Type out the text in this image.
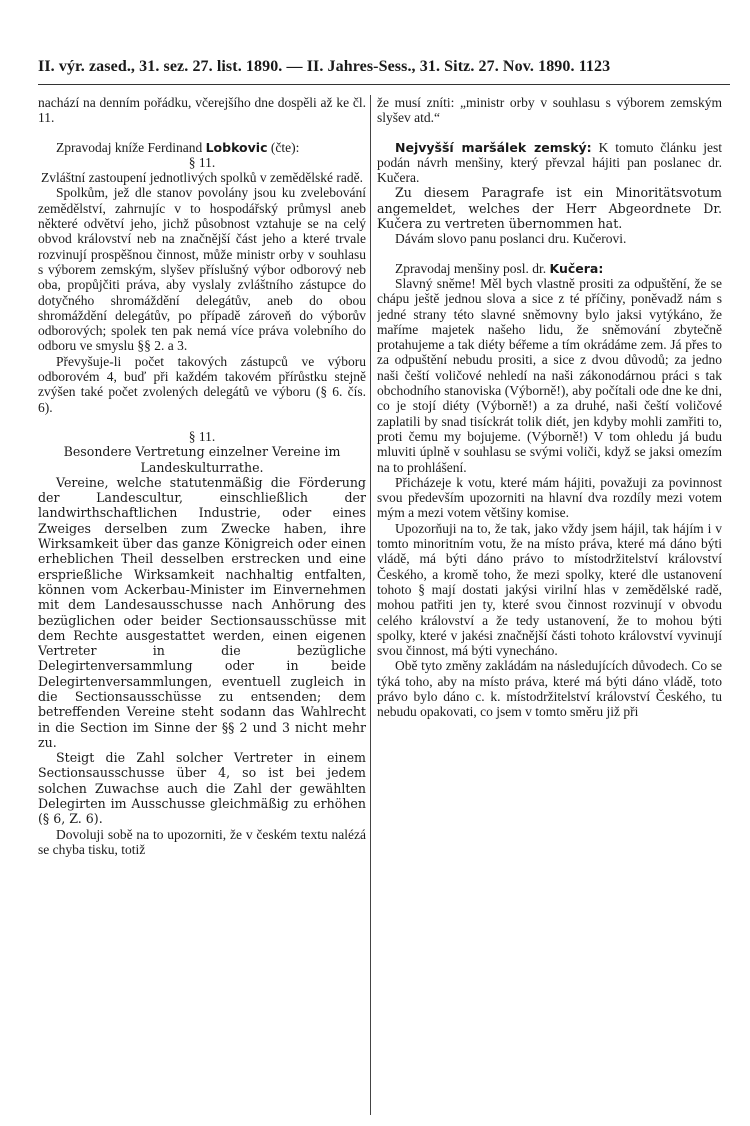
II. výr. zased., 31. sez. 27. list. 1890. — II. Jahres-Sess., 31. Sitz. 27. Nov. 1890. 1123

nachází na denním pořádku, včerejšího dne dospěli až ke čl. 11.

Zpravodaj kníže Ferdinand Lobkovic (čte):

§ 11.

Zvláštní zastoupení jednotlivých spolků v zemědělské radě.

Spolkům, jež dle stanov povolány jsou ku zvelebování zemědělství, zahrnujíc v to hospodářský průmysl aneb některé odvětví jeho, jichž působnost vztahuje se na celý obvod království neb na značnější část jeho a které trvale rozvinují prospěšnou činnost, může ministr orby v souhlasu s výborem zemským, slyšev příslušný výbor odborový neb oba, propůjčiti práva, aby vyslaly zvláštního zástupce do dotyčného shromáždění delegátův, aneb do obou shromáždění delegátův, po případě zároveň do výborův odborových; spolek ten pak nemá více práva volebního do odboru ve smyslu §§ 2. a 3.

Převyšuje-li počet takových zástupců ve výboru odborovém 4, buď při každém takovém přírůstku stejně zvýšen také počet zvolených delegátů ve výboru (§ 6. čís. 6).

§ 11.

Besondere Vertretung einzelner Vereine im Landeskulturrathe.

Vereine, welche statutenmäßig die Förderung der Landescultur, einschließlich der landwirthschaftlichen Industrie, oder eines Zweiges derselben zum Zwecke haben, ihre Wirksamkeit über das ganze Königreich oder einen erheblichen Theil desselben erstrecken und eine ersprießliche Wirksamkeit nachhaltig entfalten, können vom Ackerbau-Minister im Einvernehmen mit dem Landesausschusse nach Anhörung des bezüglichen oder beider Sectionsausschüsse mit dem Rechte ausgestattet werden, einen eigenen Vertreter in die bezügliche Delegirtenversammlung oder in beide Delegirtenversammlungen, eventuell zugleich in die Sectionsausschüsse zu entsenden; dem betreffenden Vereine steht sodann das Wahlrecht in die Section im Sinne der §§ 2 und 3 nicht mehr zu.

Steigt die Zahl solcher Vertreter in einem Sectionsausschusse über 4, so ist bei jedem solchen Zuwachse auch die Zahl der gewählten Delegirten im Ausschusse gleichmäßig zu erhöhen (§ 6, Z. 6).

Dovoluji sobě na to upozorniti, že v českém textu nalézá se chyba tisku, totiž

že musí zníti: „ministr orby v souhlasu s výborem zemským slyšev atd.“

Nejvyšší maršálek zemský: K tomuto článku jest podán návrh menšiny, který převzal hájiti pan poslanec dr. Kučera.

Zu diesem Paragrafe ist ein Minoritätsvotum angemeldet, welches der Herr Abgeordnete Dr. Kučera zu vertreten übernommen hat.

Dávám slovo panu poslanci dru. Kučerovi.

Zpravodaj menšiny posl. dr. Kučera:

Slavný sněme! Měl bych vlastně prositi za odpuštění, že se chápu ještě jednou slova a sice z té příčiny, poněvadž nám s jedné strany této slavné sněmovny bylo jaksi vytýkáno, že maříme majetek našeho lidu, že sněmování zbytečně protahujeme a tak diéty béřeme a tím okrádáme zem. Já přes to za odpuštění nebudu prositi, a sice z dvou důvodů; za jedno naši čeští voličové nehledí na naši zákonodárnou práci s tak obchodního stanoviska (Výborně!), aby počítali ode dne ke dni, co je stojí diéty (Výborně!) a za druhé, naši čeští voličové zaplatili by snad tisíckrát tolik diét, jen kdyby mohli zamřiti to, proti čemu my bojujeme. (Výborně!) V tom ohledu já budu mluviti úplně v souhlasu se svými voliči, když se jaksi omezím na to prohlášení.

Přicházeje k votu, které mám hájiti, považuji za povinnost svou především upozorniti na hlavní dva rozdíly mezi votem mým a mezi votem většiny komise.

Upozorňuji na to, že tak, jako vždy jsem hájil, tak hájím i v tomto minoritním votu, že na místo práva, které má dáno býti vládě, má býti dáno právo to místodržitelství království Českého, a kromě toho, že mezi spolky, které dle ustanovení tohoto § mají dostati jakýsi virilní hlas v zemědělské radě, mohou patřiti jen ty, které svou činnost rozvinují v obvodu celého království a že tedy ustanovení, že to mohou býti spolky, které v jakési značnější části tohoto království vyvinují svou činnost, má býti vynecháno.

Obě tyto změny zakládám na následujících důvodech. Co se týká toho, aby na místo práva, které má býti dáno vládě, toto právo bylo dáno c. k. místodržitelství království Českého, tu nebudu opakovati, co jsem v tomto směru již při
